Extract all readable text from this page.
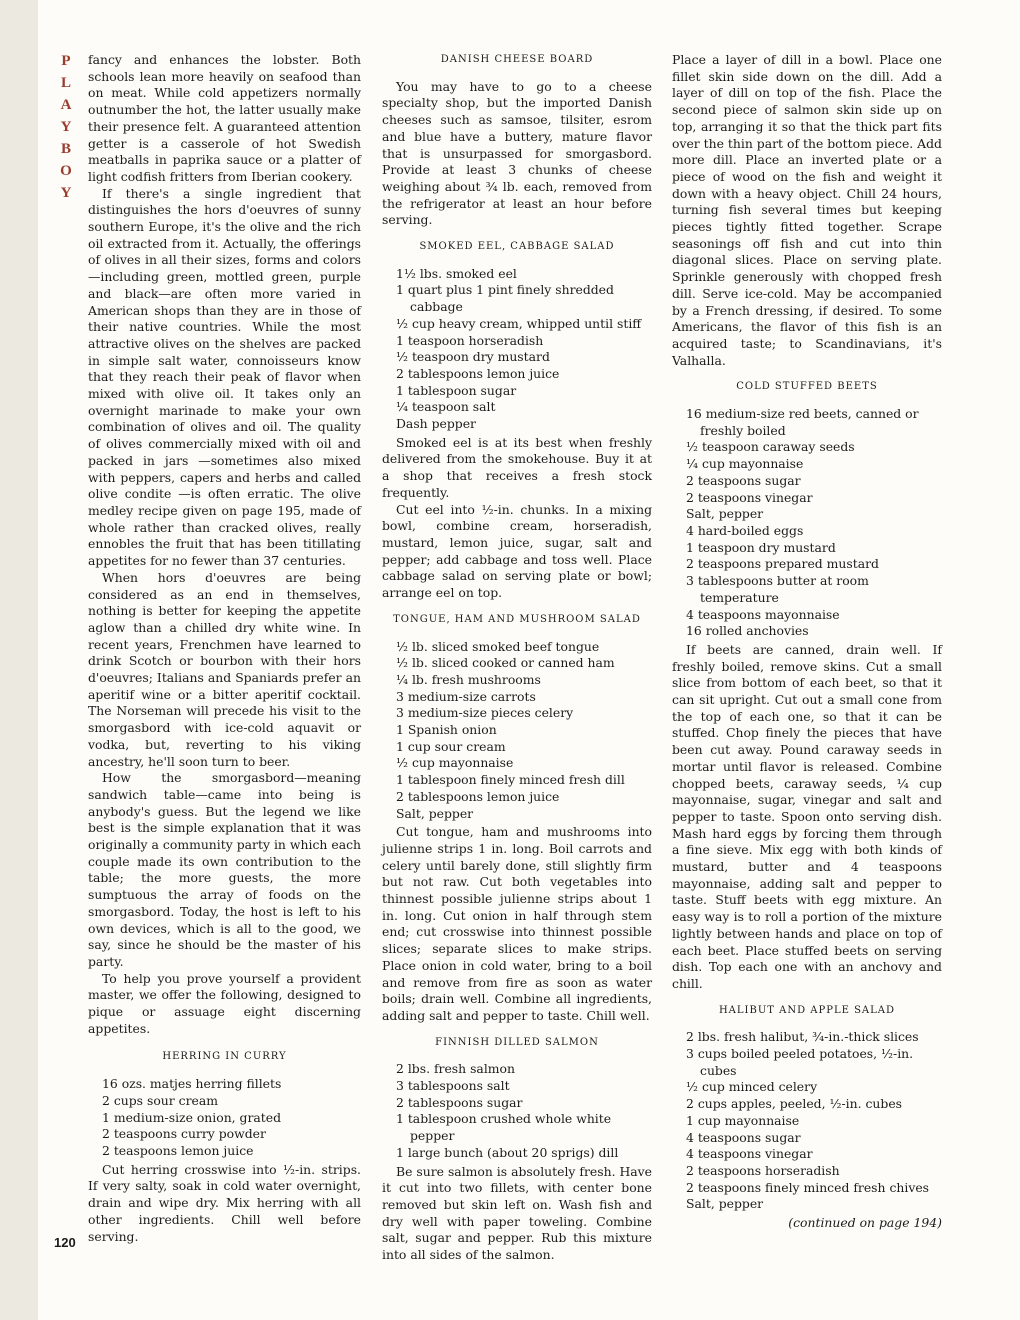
P
L
A
Y
B
O
Y
120

fancy and enhances the lobster. Both schools lean more heavily on seafood than on meat. While cold appetizers normally outnumber the hot, the latter usually make their presence felt. A guaranteed attention getter is a casserole of hot Swedish meatballs in paprika sauce or a platter of light codfish fritters from Iberian cookery.

If there's a single ingredient that distinguishes the hors d'oeuvres of sunny southern Europe, it's the olive and the rich oil extracted from it. Actually, the offerings of olives in all their sizes, forms and colors—including green, mottled green, purple and black—are often more varied in American shops than they are in those of their native countries. While the most attractive olives on the shelves are packed in simple salt water, connoisseurs know that they reach their peak of flavor when mixed with olive oil. It takes only an overnight marinade to make your own combination of olives and oil. The quality of olives commercially mixed with oil and packed in jars —sometimes also mixed with peppers, capers and herbs and called olive condite —is often erratic. The olive medley recipe given on page 195, made of whole rather than cracked olives, really ennobles the fruit that has been titillating appetites for no fewer than 37 centuries.

When hors d'oeuvres are being considered as an end in themselves, nothing is better for keeping the appetite aglow than a chilled dry white wine. In recent years, Frenchmen have learned to drink Scotch or bourbon with their hors d'oeuvres; Italians and Spaniards prefer an aperitif wine or a bitter aperitif cocktail. The Norseman will precede his visit to the smorgasbord with ice-cold aquavit or vodka, but, reverting to his viking ancestry, he'll soon turn to beer.

How the smorgasbord—meaning sandwich table—came into being is anybody's guess. But the legend we like best is the simple explanation that it was originally a community party in which each couple made its own contribution to the table; the more guests, the more sumptuous the array of foods on the smorgasbord. Today, the host is left to his own devices, which is all to the good, we say, since he should be the master of his party.

To help you prove yourself a provident master, we offer the following, designed to pique or assuage eight discerning appetites.

HERRING IN CURRY
16 ozs. matjes herring fillets
2 cups sour cream
1 medium-size onion, grated
2 teaspoons curry powder
2 teaspoons lemon juice

Cut herring crosswise into ½-in. strips. If very salty, soak in cold water overnight, drain and wipe dry. Mix herring with all other ingredients. Chill well before serving.

DANISH CHEESE BOARD

You may have to go to a cheese specialty shop, but the imported Danish cheeses such as samsoe, tilsiter, esrom and blue have a buttery, mature flavor that is unsurpassed for smorgasbord. Provide at least 3 chunks of cheese weighing about ¾ lb. each, removed from the refrigerator at least an hour before serving.

SMOKED EEL, CABBAGE SALAD
1½ lbs. smoked eel
1 quart plus 1 pint finely shredded cabbage
½ cup heavy cream, whipped until stiff
1 teaspoon horseradish
½ teaspoon dry mustard
2 tablespoons lemon juice
1 tablespoon sugar
¼ teaspoon salt
Dash pepper

Smoked eel is at its best when freshly delivered from the smokehouse. Buy it at a shop that receives a fresh stock frequently.

Cut eel into ½-in. chunks. In a mixing bowl, combine cream, horseradish, mustard, lemon juice, sugar, salt and pepper; add cabbage and toss well. Place cabbage salad on serving plate or bowl; arrange eel on top.

TONGUE, HAM AND MUSHROOM SALAD
½ lb. sliced smoked beef tongue
½ lb. sliced cooked or canned ham
¼ lb. fresh mushrooms
3 medium-size carrots
3 medium-size pieces celery
1 Spanish onion
1 cup sour cream
½ cup mayonnaise
1 tablespoon finely minced fresh dill
2 tablespoons lemon juice
Salt, pepper

Cut tongue, ham and mushrooms into julienne strips 1 in. long. Boil carrots and celery until barely done, still slightly firm but not raw. Cut both vegetables into thinnest possible julienne strips about 1 in. long. Cut onion in half through stem end; cut crosswise into thinnest possible slices; separate slices to make strips. Place onion in cold water, bring to a boil and remove from fire as soon as water boils; drain well. Combine all ingredients, adding salt and pepper to taste. Chill well.

FINNISH DILLED SALMON
2 lbs. fresh salmon
3 tablespoons salt
2 tablespoons sugar
1 tablespoon crushed whole white pepper
1 large bunch (about 20 sprigs) dill

Be sure salmon is absolutely fresh. Have it cut into two fillets, with center bone removed but skin left on. Wash fish and dry well with paper toweling. Combine salt, sugar and pepper. Rub this mixture into all sides of the salmon.

Place a layer of dill in a bowl. Place one fillet skin side down on the dill. Add a layer of dill on top of the fish. Place the second piece of salmon skin side up on top, arranging it so that the thick part fits over the thin part of the bottom piece. Add more dill. Place an inverted plate or a piece of wood on the fish and weight it down with a heavy object. Chill 24 hours, turning fish several times but keeping pieces tightly fitted together. Scrape seasonings off fish and cut into thin diagonal slices. Place on serving plate. Sprinkle generously with chopped fresh dill. Serve ice-cold. May be accompanied by a French dressing, if desired. To some Americans, the flavor of this fish is an acquired taste; to Scandinavians, it's Valhalla.

COLD STUFFED BEETS
16 medium-size red beets, canned or freshly boiled
½ teaspoon caraway seeds
¼ cup mayonnaise
2 teaspoons sugar
2 teaspoons vinegar
Salt, pepper
4 hard-boiled eggs
1 teaspoon dry mustard
2 teaspoons prepared mustard
3 tablespoons butter at room temperature
4 teaspoons mayonnaise
16 rolled anchovies

If beets are canned, drain well. If freshly boiled, remove skins. Cut a small slice from bottom of each beet, so that it can sit upright. Cut out a small cone from the top of each one, so that it can be stuffed. Chop finely the pieces that have been cut away. Pound caraway seeds in mortar until flavor is released. Combine chopped beets, caraway seeds, ¼ cup mayonnaise, sugar, vinegar and salt and pepper to taste. Spoon onto serving dish. Mash hard eggs by forcing them through a fine sieve. Mix egg with both kinds of mustard, butter and 4 teaspoons mayonnaise, adding salt and pepper to taste. Stuff beets with egg mixture. An easy way is to roll a portion of the mixture lightly between hands and place on top of each beet. Place stuffed beets on serving dish. Top each one with an anchovy and chill.

HALIBUT AND APPLE SALAD
2 lbs. fresh halibut, ¾-in.-thick slices
3 cups boiled peeled potatoes, ½-in. cubes
½ cup minced celery
2 cups apples, peeled, ½-in. cubes
1 cup mayonnaise
4 teaspoons sugar
4 teaspoons vinegar
2 teaspoons horseradish
2 teaspoons finely minced fresh chives
Salt, pepper
(continued on page 194)
